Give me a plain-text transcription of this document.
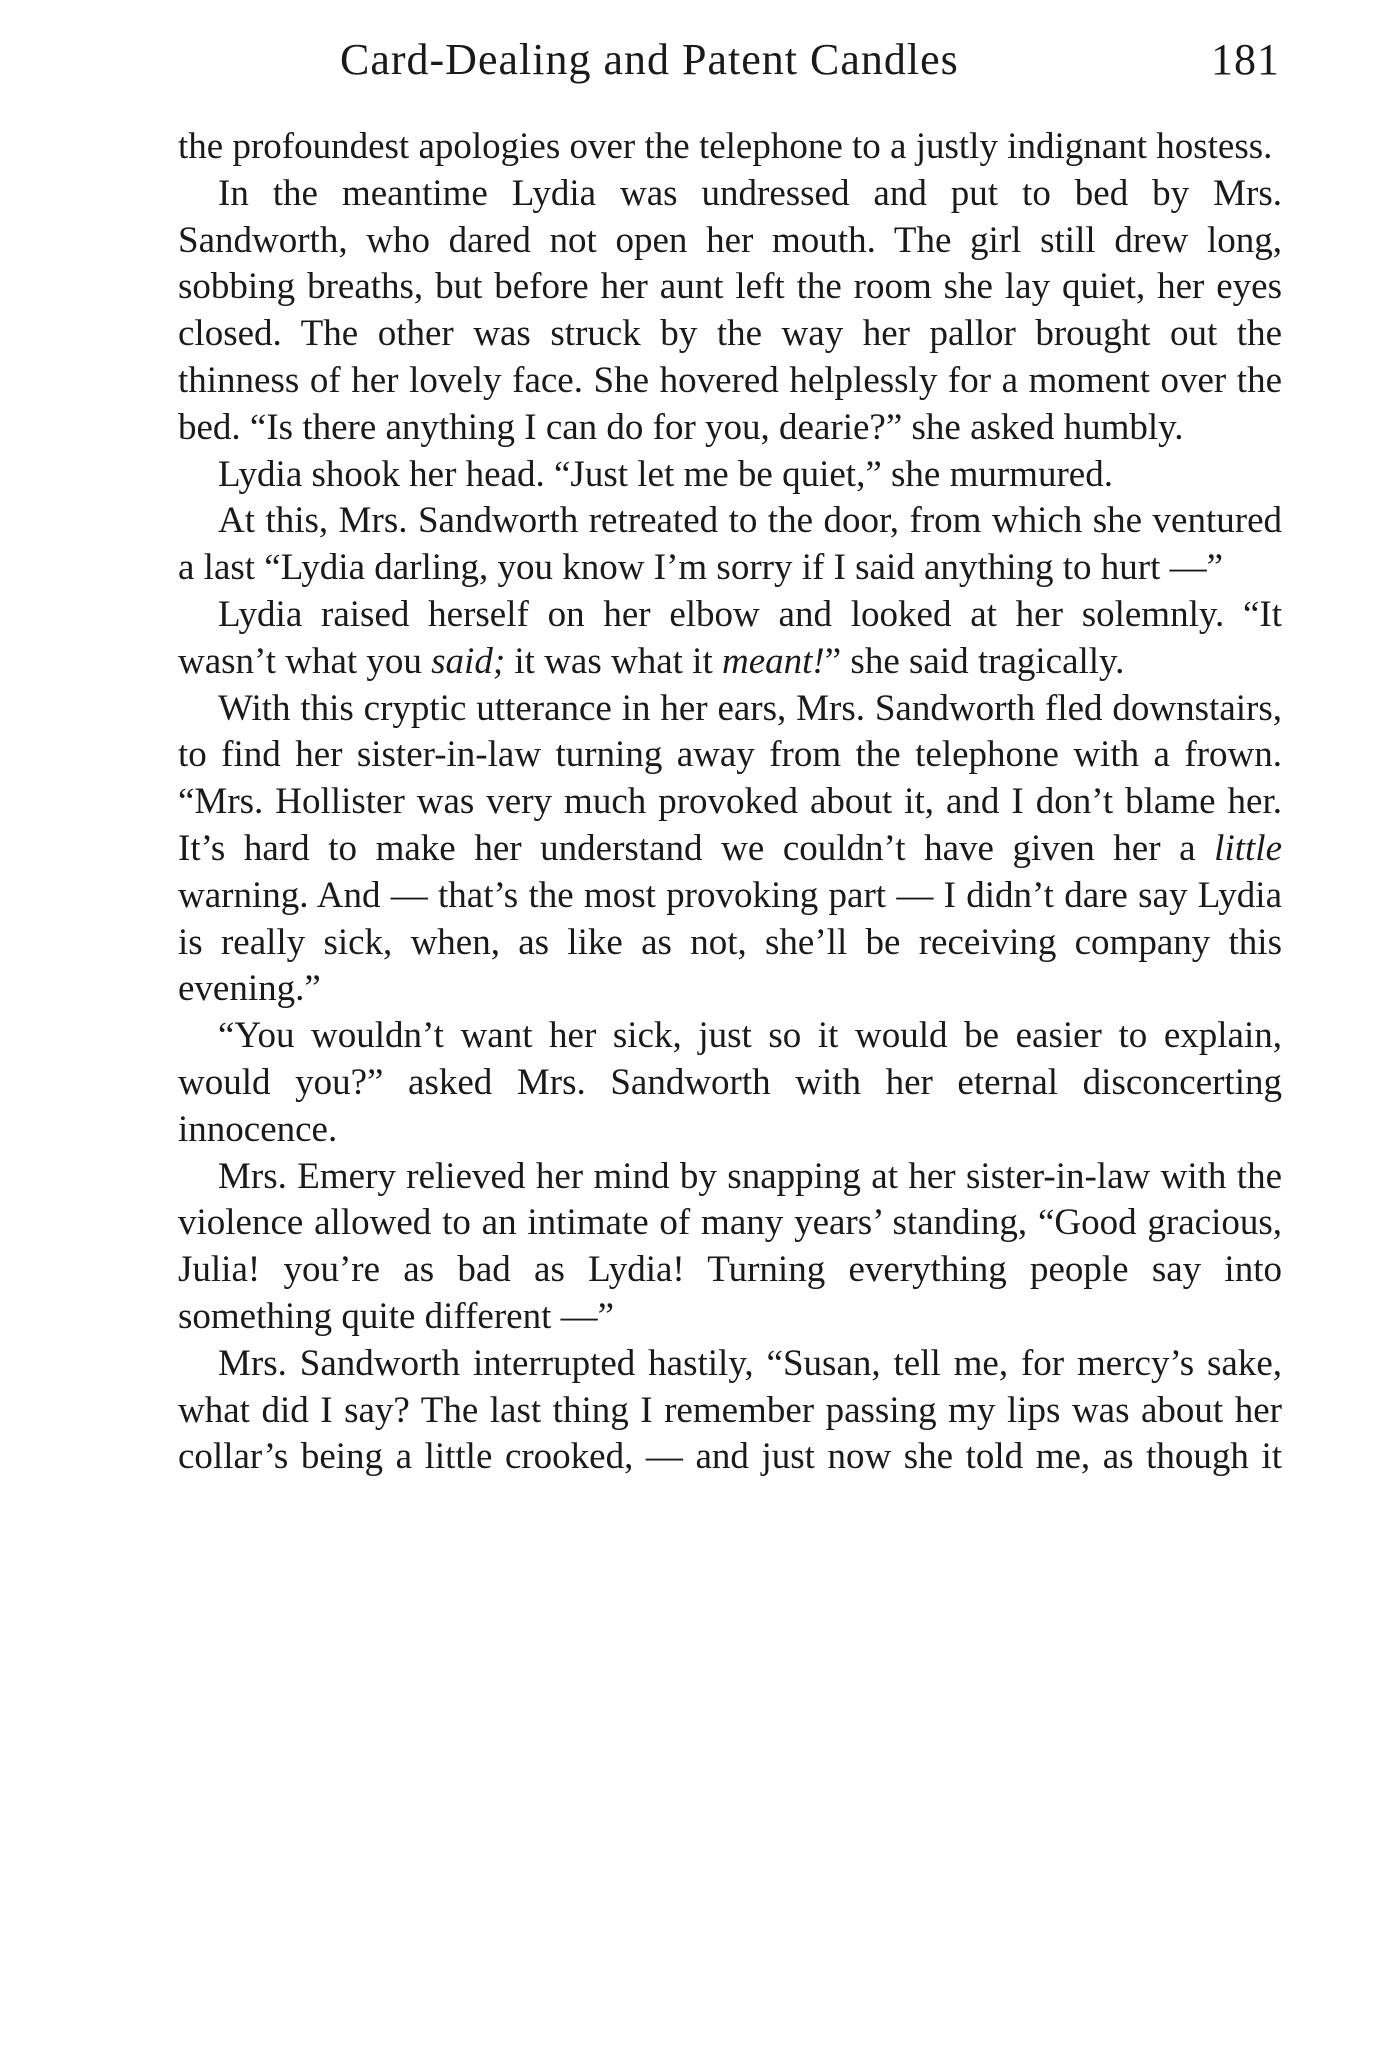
Card-Dealing and Patent Candles	181

the profoundest apologies over the telephone to a justly indignant hostess.

In the meantime Lydia was undressed and put to bed by Mrs. Sandworth, who dared not open her mouth. The girl still drew long, sobbing breaths, but before her aunt left the room she lay quiet, her eyes closed. The other was struck by the way her pallor brought out the thinness of her lovely face. She hovered helplessly for a moment over the bed. “Is there anything I can do for you, dearie?” she asked humbly.

Lydia shook her head. “Just let me be quiet,” she murmured.

At this, Mrs. Sandworth retreated to the door, from which she ventured a last “Lydia darling, you know I’m sorry if I said anything to hurt —”

Lydia raised herself on her elbow and looked at her solemnly. “It wasn’t what you said; it was what it meant!” she said tragically.

With this cryptic utterance in her ears, Mrs. Sandworth fled downstairs, to find her sister-in-law turning away from the telephone with a frown. “Mrs. Hollister was very much provoked about it, and I don’t blame her. It’s hard to make her understand we couldn’t have given her a little warning. And — that’s the most provoking part — I didn’t dare say Lydia is really sick, when, as like as not, she’ll be receiving company this evening.”

“You wouldn’t want her sick, just so it would be easier to explain, would you?” asked Mrs. Sandworth with her eternal disconcerting innocence.

Mrs. Emery relieved her mind by snapping at her sister-in-law with the violence allowed to an intimate of many years’ standing, “Good gracious, Julia! you’re as bad as Lydia! Turning everything people say into something quite different —”

Mrs. Sandworth interrupted hastily, “Susan, tell me, for mercy’s sake, what did I say? The last thing I remember passing my lips was about her collar’s being a little crooked, — and just now she told me, as though it
